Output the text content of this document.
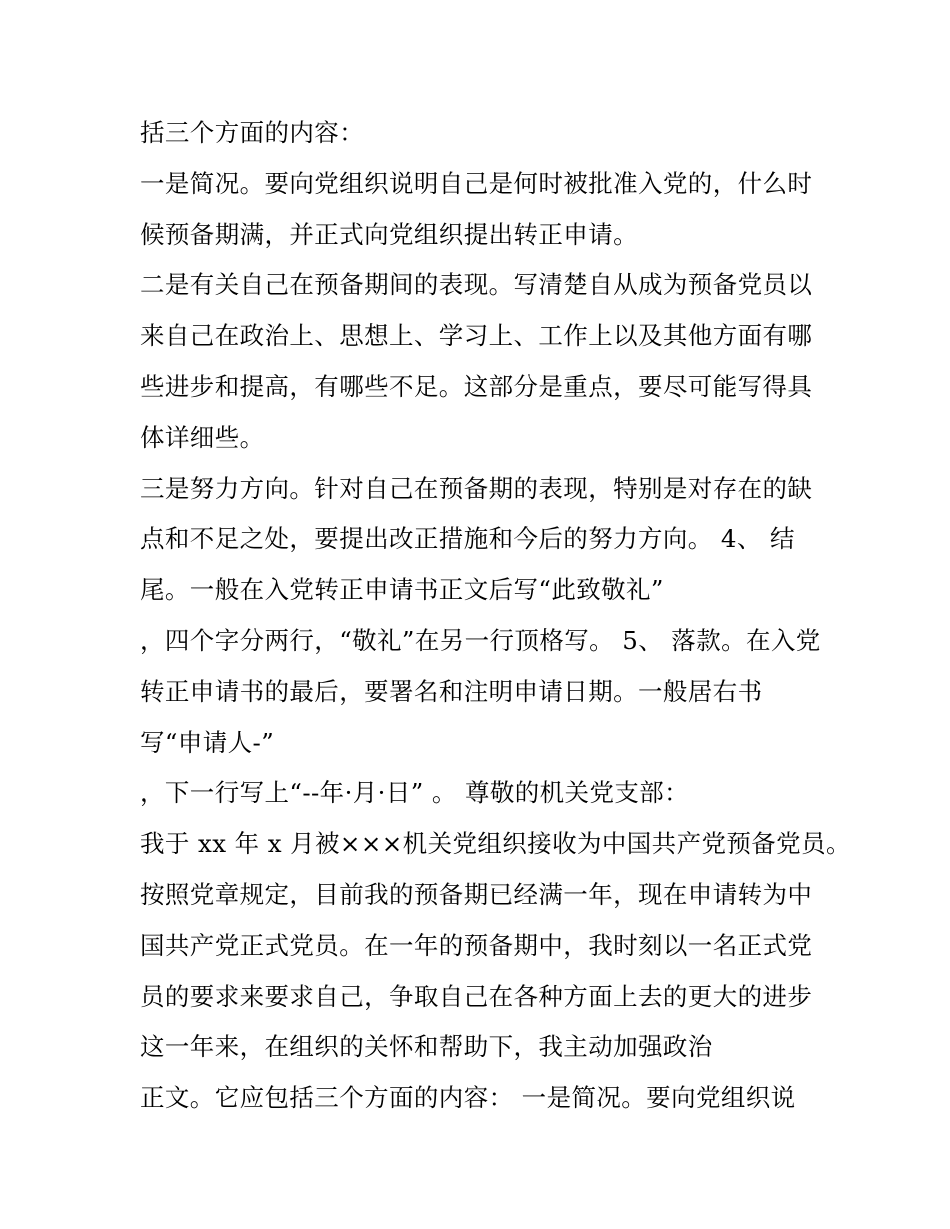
括三个方面的内容：
一是简况。要向党组织说明自己是何时被批准入党的，什么时
候预备期满，并正式向党组织提出转正申请。
二是有关自己在预备期间的表现。写清楚自从成为预备党员以
来自己在政治上、思想上、学习上、工作上以及其他方面有哪
些进步和提高，有哪些不足。这部分是重点，要尽可能写得具
体详细些。
三是努力方向。针对自己在预备期的表现，特别是对存在的缺
点和不足之处，要提出改正措施和今后的努力方向。 4、 结
尾。一般在入党转正申请书正文后写“此致敬礼”
，四个字分两行，“敬礼”在另一行顶格写。 5、 落款。在入党
转正申请书的最后，要署名和注明申请日期。一般居右书
写“申请人-”
，下一行写上“--年·月·日” 。 尊敬的机关党支部：
我于 xx 年 x 月被×××机关党组织接收为中国共产党预备党员。
按照党章规定，目前我的预备期已经满一年，现在申请转为中
国共产党正式党员。在一年的预备期中，我时刻以一名正式党
员的要求来要求自己，争取自己在各种方面上去的更大的进步
这一年来，在组织的关怀和帮助下，我主动加强政治
正文。它应包括三个方面的内容： 一是简况。要向党组织说
